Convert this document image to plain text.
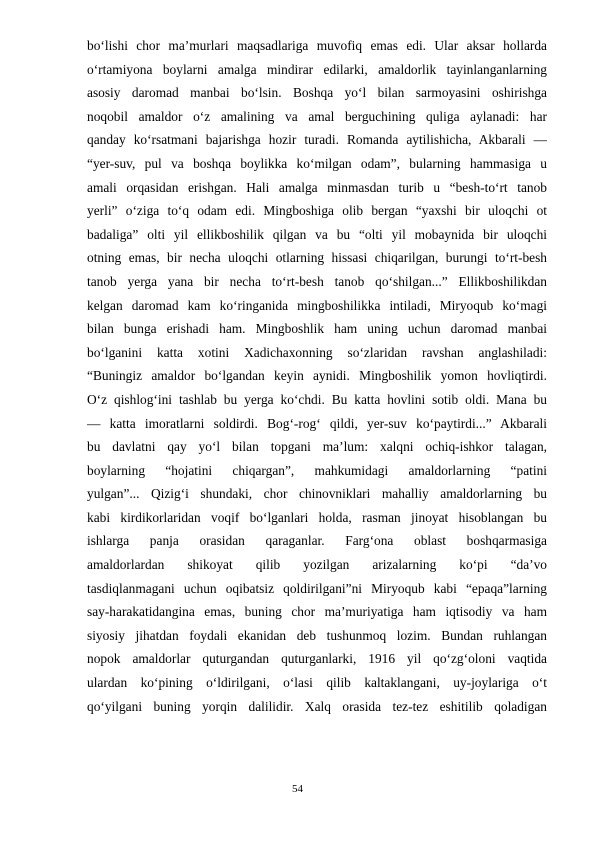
bo‘lishi chor ma’murlari maqsadlariga muvofiq emas edi. Ular aksar hollarda
o‘rtamiyona boylarni amalga mindirar edilarki, amaldorlik tayinlanganlarning
asosiy daromad manbai bo‘lsin. Boshqa yo‘l bilan sarmoyasini oshirishga
noqobil amaldor o‘z amalining va amal berguchining quliga aylanadi: har
qanday ko‘rsatmani bajarishga hozir turadi. Romanda aytilishicha, Akbarali —
“yer-suv, pul va boshqa boylikka ko‘milgan odam”, bularning hammasiga u
amali orqasidan erishgan. Hali amalga minmasdan turib u “besh-to‘rt tanob
yerli” o‘ziga to‘q odam edi. Mingboshiga olib bergan “yaxshi bir uloqchi ot
badaliga” olti yil ellikboshilik qilgan va bu “olti yil mobaynida bir uloqchi
otning emas, bir necha uloqchi otlarning hissasi chiqarilgan, burungi to‘rt-besh
tanob yerga yana bir necha to‘rt-besh tanob qo‘shilgan...” Ellikboshilikdan
kelgan daromad kam ko‘ringanida mingboshilikka intiladi, Miryoqub ko‘magi
bilan bunga erishadi ham. Mingboshlik ham uning uchun daromad manbai
bo‘lganini katta xotini Xadichaxonning so‘zlaridan ravshan anglashiladi:
“Buningiz amaldor bo‘lgandan keyin aynidi. Mingboshilik yomon hovliqtirdi.
O‘z qishlog‘ini tashlab bu yerga ko‘chdi. Bu katta hovlini sotib oldi. Mana bu
— katta imoratlarni soldirdi. Bog‘-rog‘ qildi, yer-suv ko‘paytirdi...” Akbarali
bu davlatni qay yo‘l bilan topgani ma’lum: xalqni ochiq-ishkor talagan,
boylarning “hojatini chiqargan”, mahkumidagi amaldorlarning “patini
yulgan”... Qizig‘i shundaki, chor chinovniklari mahalliy amaldorlarning bu
kabi kirdikorlaridan voqif bo‘lganlari holda, rasman jinoyat hisoblangan bu
ishlarga panja orasidan qaraganlar. Farg‘ona oblast boshqarmasiga
amaldorlardan shikoyat qilib yozilgan arizalarning ko‘pi “da’vo
tasdiqlanmagani uchun oqibatsiz qoldirilgani”ni Miryoqub kabi “epaqa”larning
say-harakatidangina emas, buning chor ma’muriyatiga ham iqtisodiy va ham
siyosiy jihatdan foydali ekanidan deb tushunmoq lozim. Bundan ruhlangan
nopok amaldorlar quturgandan quturganlarki, 1916 yil qo‘zg‘oloni vaqtida
ulardan ko‘pining o‘ldirilgani, o‘lasi qilib kaltaklangani, uy-joylariga o‘t
qo‘yilgani buning yorqin dalilidir. Xalq orasida tez-tez eshitilib qoladigan
54
